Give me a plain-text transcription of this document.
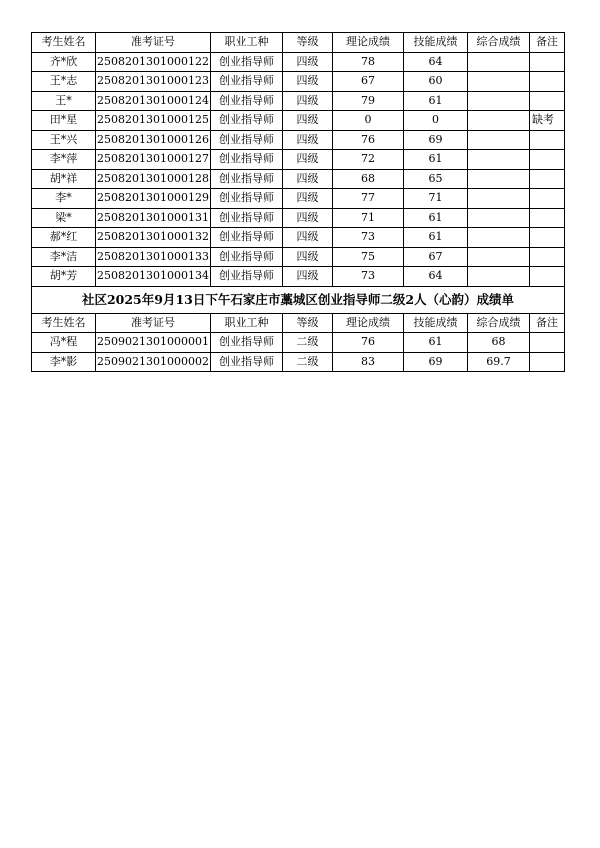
考生姓名	准考证号	职业工种	等级	理论成绩	技能成绩	综合成绩	备注
齐*欣	2508201301000122	创业指导师	四级	78	64		
王*志	2508201301000123	创业指导师	四级	67	60		
王*	2508201301000124	创业指导师	四级	79	61		
田*星	2508201301000125	创业指导师	四级	0	0		缺考
王*兴	2508201301000126	创业指导师	四级	76	69		
李*萍	2508201301000127	创业指导师	四级	72	61		
胡*祥	2508201301000128	创业指导师	四级	68	65		
李*	2508201301000129	创业指导师	四级	77	71		
梁*	2508201301000131	创业指导师	四级	71	61		
郝*红	2508201301000132	创业指导师	四级	73	61		
李*洁	2508201301000133	创业指导师	四级	75	67		
胡*芳	2508201301000134	创业指导师	四级	73	64		
社区2025年9月13日下午石家庄市藁城区创业指导师二级2人（心韵）成绩单							
考生姓名	准考证号	职业工种	等级	理论成绩	技能成绩	综合成绩	备注
冯*程	2509021301000001	创业指导师	二级	76	61	68	
李*影	2509021301000002	创业指导师	二级	83	69	69.7	
